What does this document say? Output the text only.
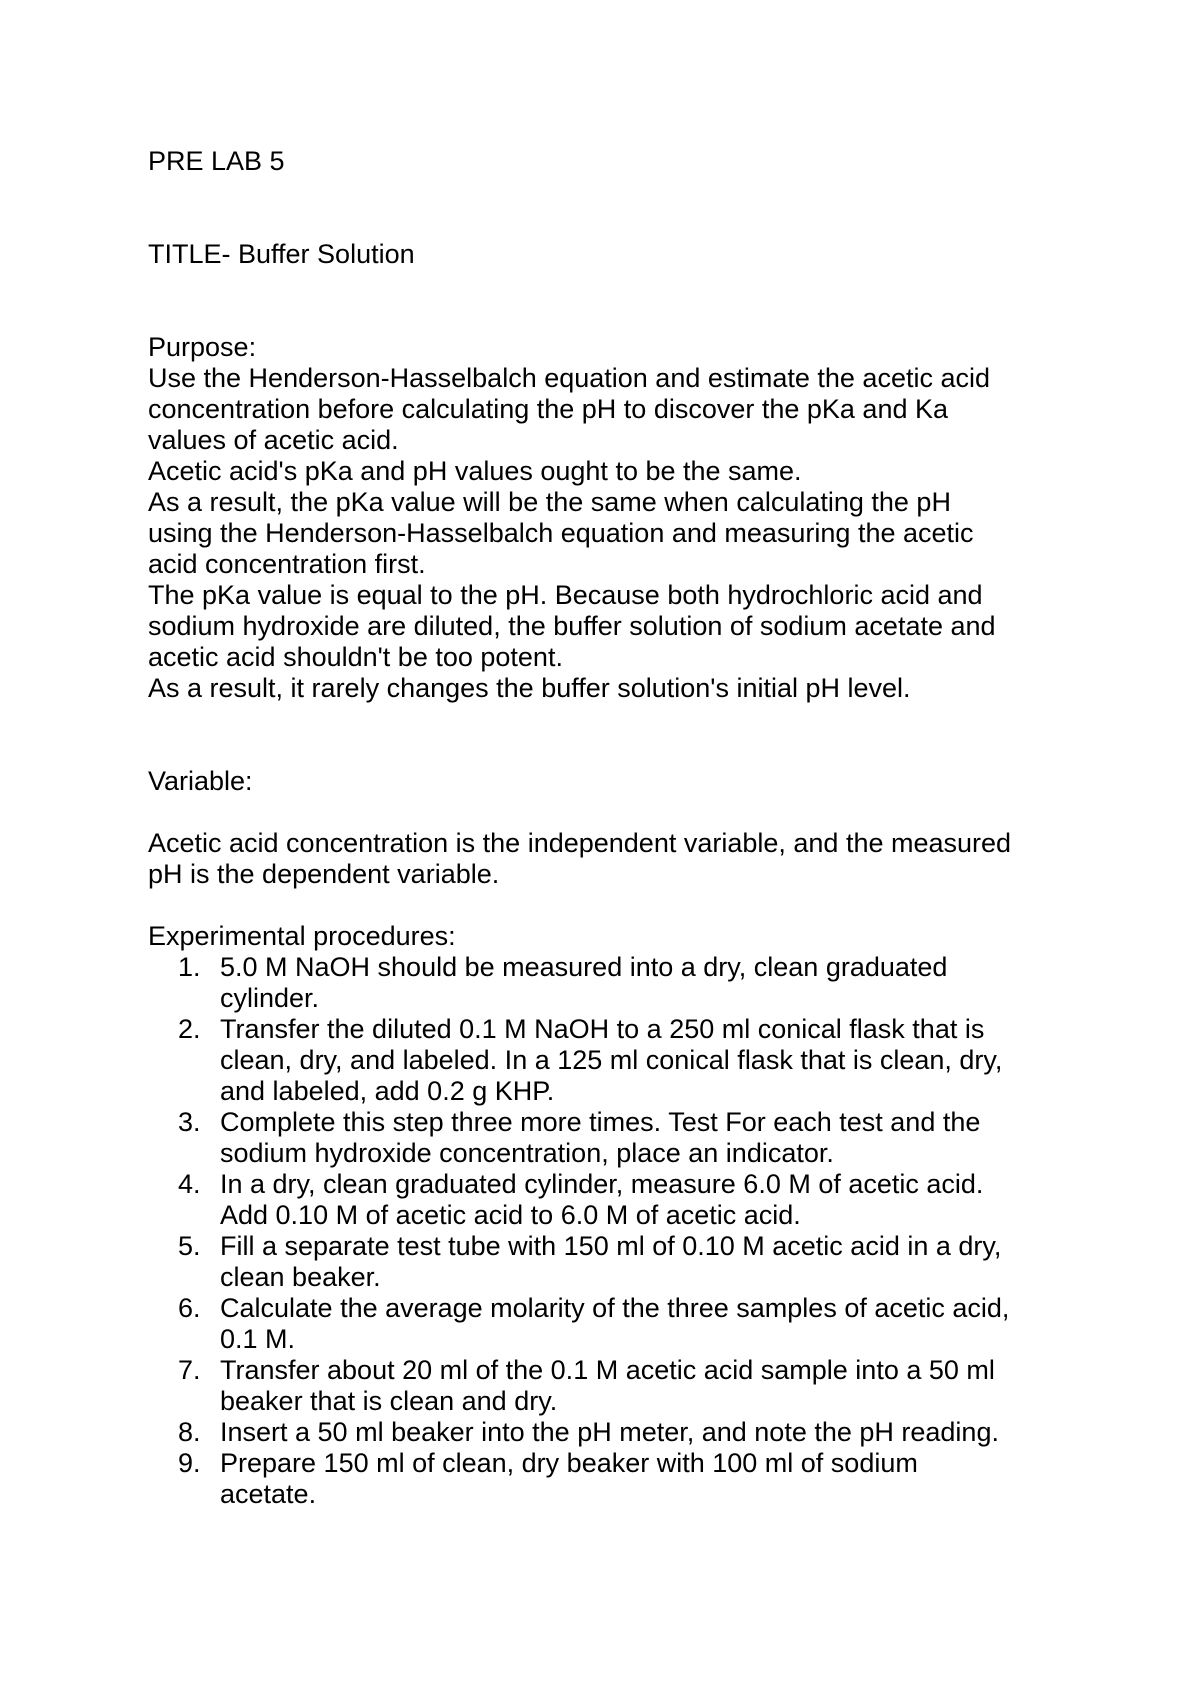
PRE LAB 5
TITLE- Buffer Solution
Purpose:
Use the Henderson-Hasselbalch equation and estimate the acetic acid
concentration before calculating the pH to discover the pKa and Ka
values of acetic acid.
Acetic acid's pKa and pH values ought to be the same.
As a result, the pKa value will be the same when calculating the pH
using the Henderson-Hasselbalch equation and measuring the acetic
acid concentration first.
The pKa value is equal to the pH. Because both hydrochloric acid and
sodium hydroxide are diluted, the buffer solution of sodium acetate and
acetic acid shouldn't be too potent.
As a result, it rarely changes the buffer solution's initial pH level.
Variable:
Acetic acid concentration is the independent variable, and the measured
pH is the dependent variable.
Experimental procedures:
1. 5.0 M NaOH should be measured into a dry, clean graduated
cylinder.
2. Transfer the diluted 0.1 M NaOH to a 250 ml conical flask that is
clean, dry, and labeled. In a 125 ml conical flask that is clean, dry,
and labeled, add 0.2 g KHP.
3. Complete this step three more times. Test For each test and the
sodium hydroxide concentration, place an indicator.
4. In a dry, clean graduated cylinder, measure 6.0 M of acetic acid.
Add 0.10 M of acetic acid to 6.0 M of acetic acid.
5. Fill a separate test tube with 150 ml of 0.10 M acetic acid in a dry,
clean beaker.
6. Calculate the average molarity of the three samples of acetic acid,
0.1 M.
7. Transfer about 20 ml of the 0.1 M acetic acid sample into a 50 ml
beaker that is clean and dry.
8. Insert a 50 ml beaker into the pH meter, and note the pH reading.
9. Prepare 150 ml of clean, dry beaker with 100 ml of sodium
acetate.
